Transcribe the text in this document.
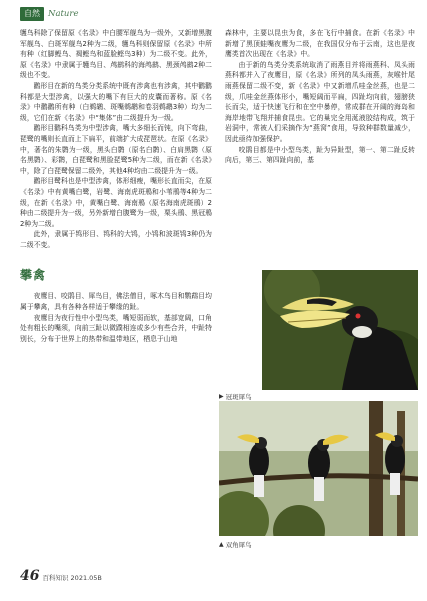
自然 Nature

鹱鸟科除了保留原《名录》中白腰军舰鸟为一级外，又新增黑腹军舰鸟、白斑军舰鸟2种为二级，鹱鸟科则保留原《名录》中所有种（红脚鲣鸟、褐鲣鸟和蓝脸鲣鸟3种）为二级不变。此外，原《名录》中隶属于鹱鸟目、鸬鹚科的海鸬鹚、黑颈鸬鹚2种二级也不变。

鹳形目在新的鸟类分类系统中既有涉禽也有涉禽，其中鹳鹳科都是大型涉禽，以强大的嘴下有巨大的皮囊而著称。原《名录》中鹳鹳所有种（白鹈鹕、斑嘴鹈鹕和卷羽鹈鹕3种）均为二级，它们在新《名录》中“集体”由二级提升为一级。

鹳形目鹳科鸟类为中型涉禽，嘴大多细长而钝，向下弯曲，琵鹭的嘴则长直而上下扁平，前端扩大成琵琶状。在原《名录》中，著名的朱鹮为一级，黑头白鹮（原名白鹮）、白肩黑鹮（原名黑鹮）、彩鹮，白琵鹭和黑脸琵鹭5种为二级，而在新《名录》中，除了白琵鹭保留二级外，其他4种均由二级提升为一级。

鹳形目鹭科也是中型涉禽，体形细瘦，嘴形长直而尖，在原《名录》中有黄嘴白鹭，岩鹭、海南虎斑鳽和小苇鳽等4种为二级，在新《名录》中，黄嘴白鹭、海南鳽（原名海南虎斑鳽）2种由二级提升为一级，另外新增白腹鹭为一级，栗头鳽、黑冠鳽2种为二级。

此外，隶属于鸨形目、鸨科的大鸨，小鸨和波斑鸨3种仍为二级不变。

攀禽

夜鹰目、咬鹃目、犀鸟目，佛法僧目，啄木鸟目和鹦鹉目均属于攀禽，具有各种各样适于攀缘的趾。

夜鹰目为夜行性中小型鸟类，嘴短弱而软，基部宽阔，口角处有粗长的嘴须，向前三趾以微蹼相连或多少有些合并，中趾特别长，分布于世界上的热带和温带地区，栖息于山地

森林中，主要以昆虫为食，多在飞行中捕食。在新《名录》中新增了黑顶蛙嘴夜鹰为二级，在我国仅分布于云南，这也是夜鹰类首次出现在《名录》中。

由于新的鸟类分类系统取消了雨燕目并将雨燕科、凤头雨燕科都并入了夜鹰目，原《名录》所列的凤头雨燕，灰喉针尾雨燕保留二级不变，新《名录》中又新增爪哇金丝燕，也是二级，爪哇金丝燕体形小，嘴短阔而平扁，四趾均向前，翅膀狭长而尖，适于快速飞行和在空中暴停，常成群在开阔的海岛和海岸地带飞翔并捕食昆虫。它的巢完全用涎液胶结构成，筑于岩洞中，常被人们采摘作为“燕窝”食用，导致种群数量减少，因此亟待加强保护。

咬鹃目都是中小型鸟类，趾为异趾型，第一、第二趾反转向后，第三、第四趾向前，基

▶ 冠斑犀鸟
▲ 双角犀鸟
46 百科知识 2021.05B
